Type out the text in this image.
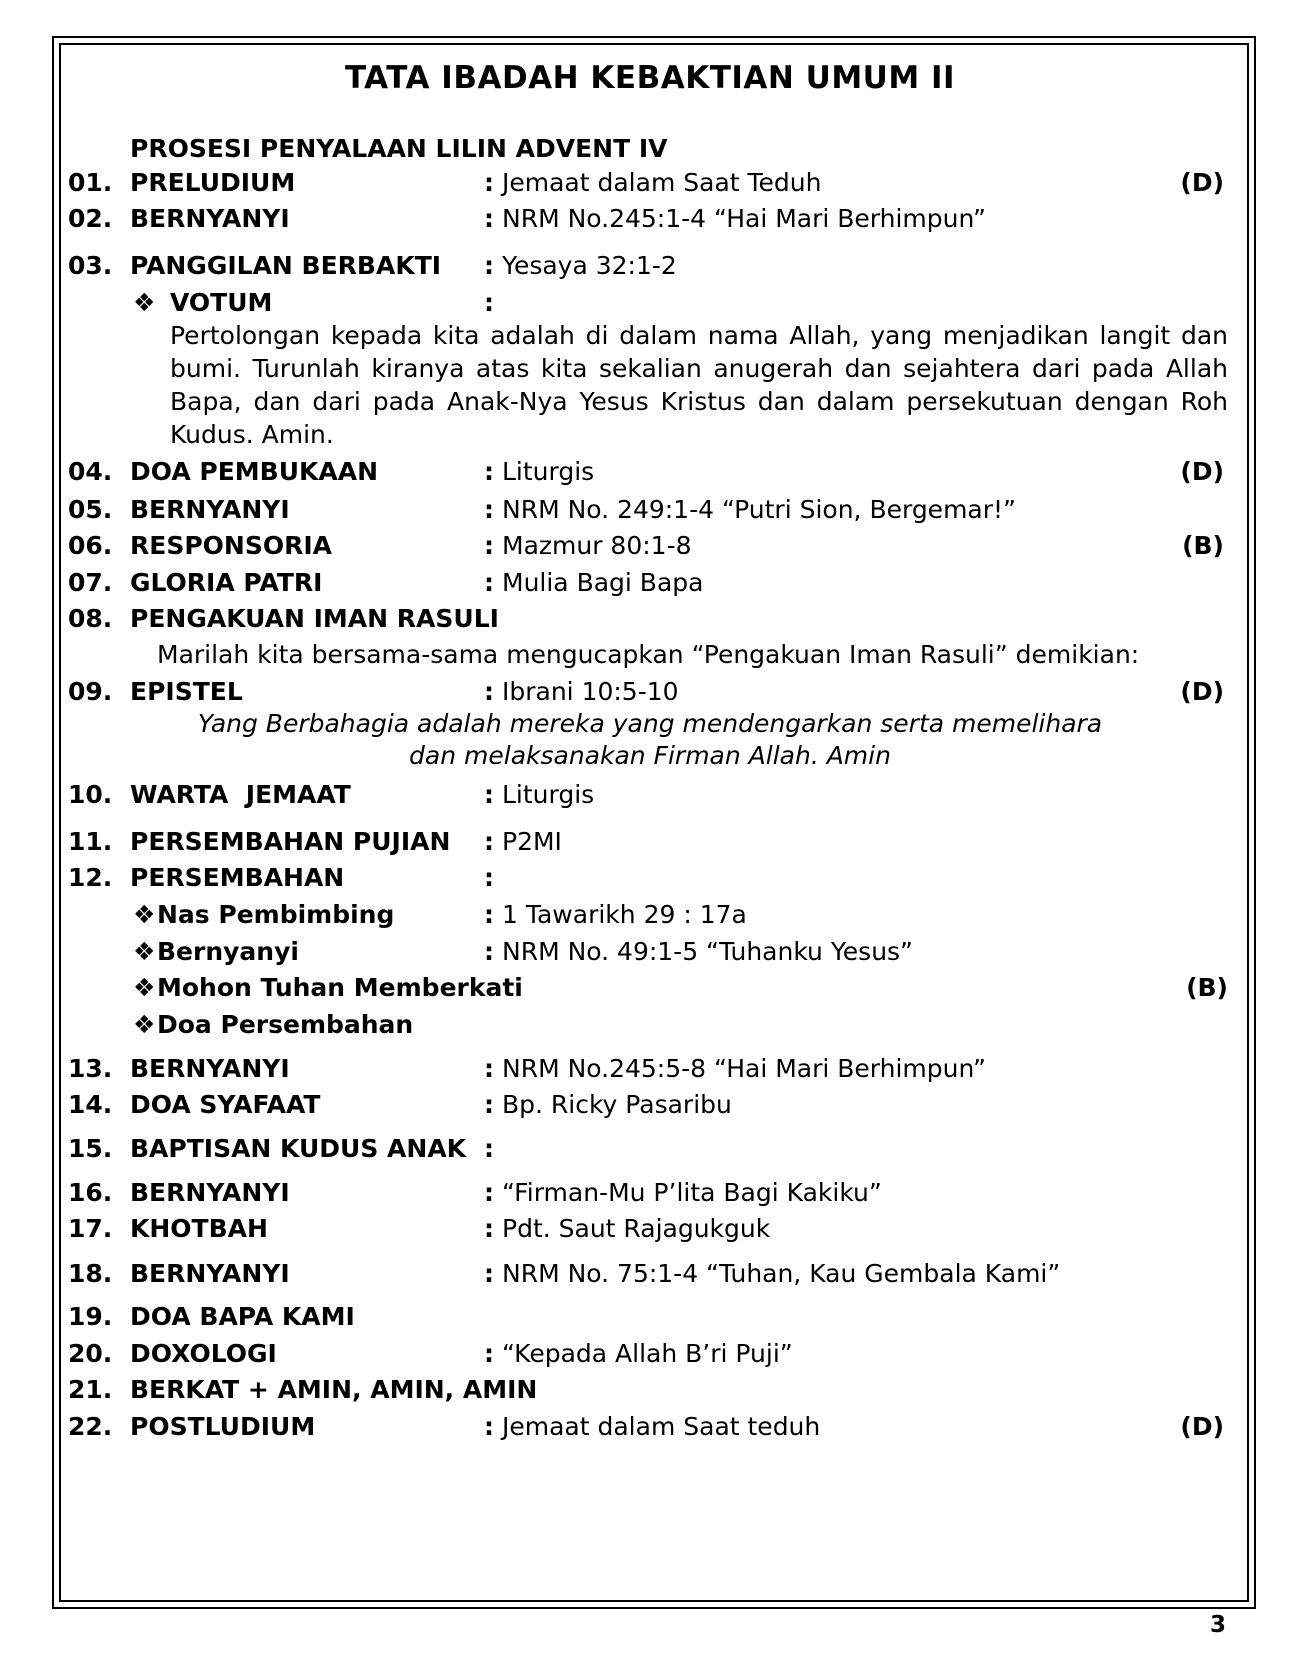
TATA IBADAH KEBAKTIAN UMUM II
PROSESI PENYALAAN LILIN ADVENT IV
01. PRELUDIUM	: Jemaat dalam Saat Teduh	(D)
02. BERNYANYI	: NRM No.245:1-4 “Hai Mari Berhimpun”
03. PANGGILAN BERBAKTI : Yesaya 32:1-2
❖ VOTUM	:
Pertolongan kepada kita adalah di dalam nama Allah, yang menjadikan langit dan bumi. Turunlah kiranya atas kita sekalian anugerah dan sejahtera dari pada Allah Bapa, dan dari pada Anak-Nya Yesus Kristus dan dalam persekutuan dengan Roh Kudus. Amin.
04. DOA PEMBUKAAN	: Liturgis	(D)
05. BERNYANYI	: NRM No. 249:1-4 “Putri Sion, Bergemar!”
06. RESPONSORIA	: Mazmur 80:1-8	(B)
07. GLORIA PATRI	: Mulia Bagi Bapa
08. PENGAKUAN IMAN RASULI
Marilah kita bersama-sama mengucapkan “Pengakuan Iman Rasuli” demikian:
09. EPISTEL	: Ibrani 10:5-10	(D)
Yang Berbahagia adalah mereka yang mendengarkan serta memelihara
dan melaksanakan Firman Allah. Amin
10. WARTA  JEMAAT	: Liturgis
11. PERSEMBAHAN PUJIAN : P2MI
12. PERSEMBAHAN	:
❖ Nas Pembimbing	: 1 Tawarikh 29 : 17a
❖ Bernyanyi	: NRM No. 49:1-5 “Tuhanku Yesus”
❖ Mohon Tuhan Memberkati	(B)
❖ Doa Persembahan
13. BERNYANYI	: NRM No.245:5-8 “Hai Mari Berhimpun”
14. DOA SYAFAAT	: Bp. Ricky Pasaribu
15. BAPTISAN KUDUS ANAK :
16. BERNYANYI	: “Firman-Mu P’lita Bagi Kakiku”
17. KHOTBAH	: Pdt. Saut Rajagukguk
18. BERNYANYI	: NRM No. 75:1-4 “Tuhan, Kau Gembala Kami”
19. DOA BAPA KAMI
20. DOXOLOGI	: “Kepada Allah B’ri Puji”
21. BERKAT + AMIN, AMIN, AMIN
22. POSTLUDIUM	: Jemaat dalam Saat teduh	(D)
3
